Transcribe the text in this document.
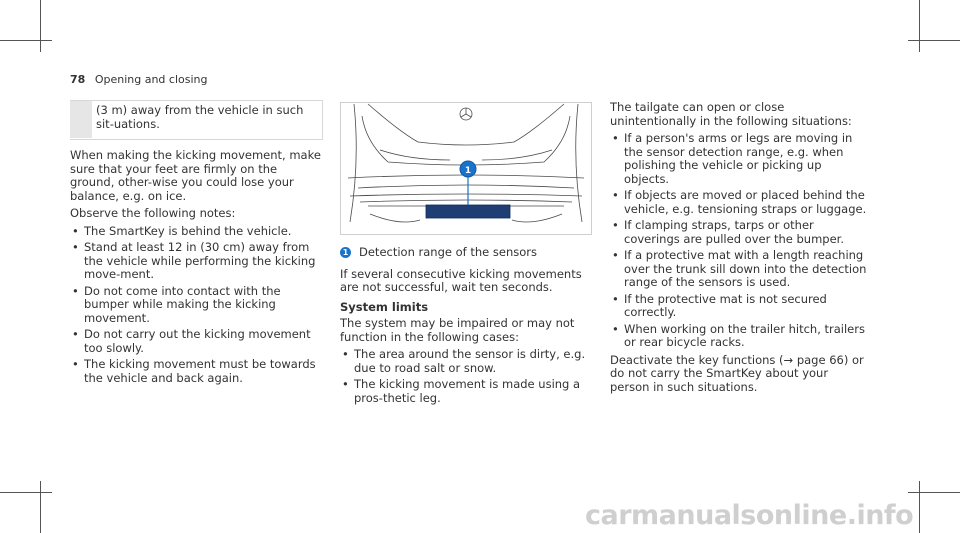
78 Opening and closing
(3 m) away from the vehicle in such sit-uations.

When making the kicking movement, make sure that your feet are firmly on the ground, other-wise you could lose your balance, e.g. on ice.

Observe the following notes:

• The SmartKey is behind the vehicle.
• Stand at least 12 in (30 cm) away from the vehicle while performing the kicking move-ment.
• Do not come into contact with the bumper while making the kicking movement.
• Do not carry out the kicking movement too slowly.
• The kicking movement must be towards the vehicle and back again.
1
1 Detection range of the sensors

If several consecutive kicking movements are not successful, wait ten seconds.

System limits

The system may be impaired or may not function in the following cases:

• The area around the sensor is dirty, e.g. due to road salt or snow.
• The kicking movement is made using a pros-thetic leg.

The tailgate can open or close unintentionally in the following situations:

• If a person's arms or legs are moving in the sensor detection range, e.g. when polishing the vehicle or picking up objects.
• If objects are moved or placed behind the vehicle, e.g. tensioning straps or luggage.
• If clamping straps, tarps or other coverings are pulled over the bumper.
• If a protective mat with a length reaching over the trunk sill down into the detection range of the sensors is used.
• If the protective mat is not secured correctly.
• When working on the trailer hitch, trailers or rear bicycle racks.

Deactivate the key functions (→ page 66) or do not carry the SmartKey about your person in such situations.

carmanualsonline.info
